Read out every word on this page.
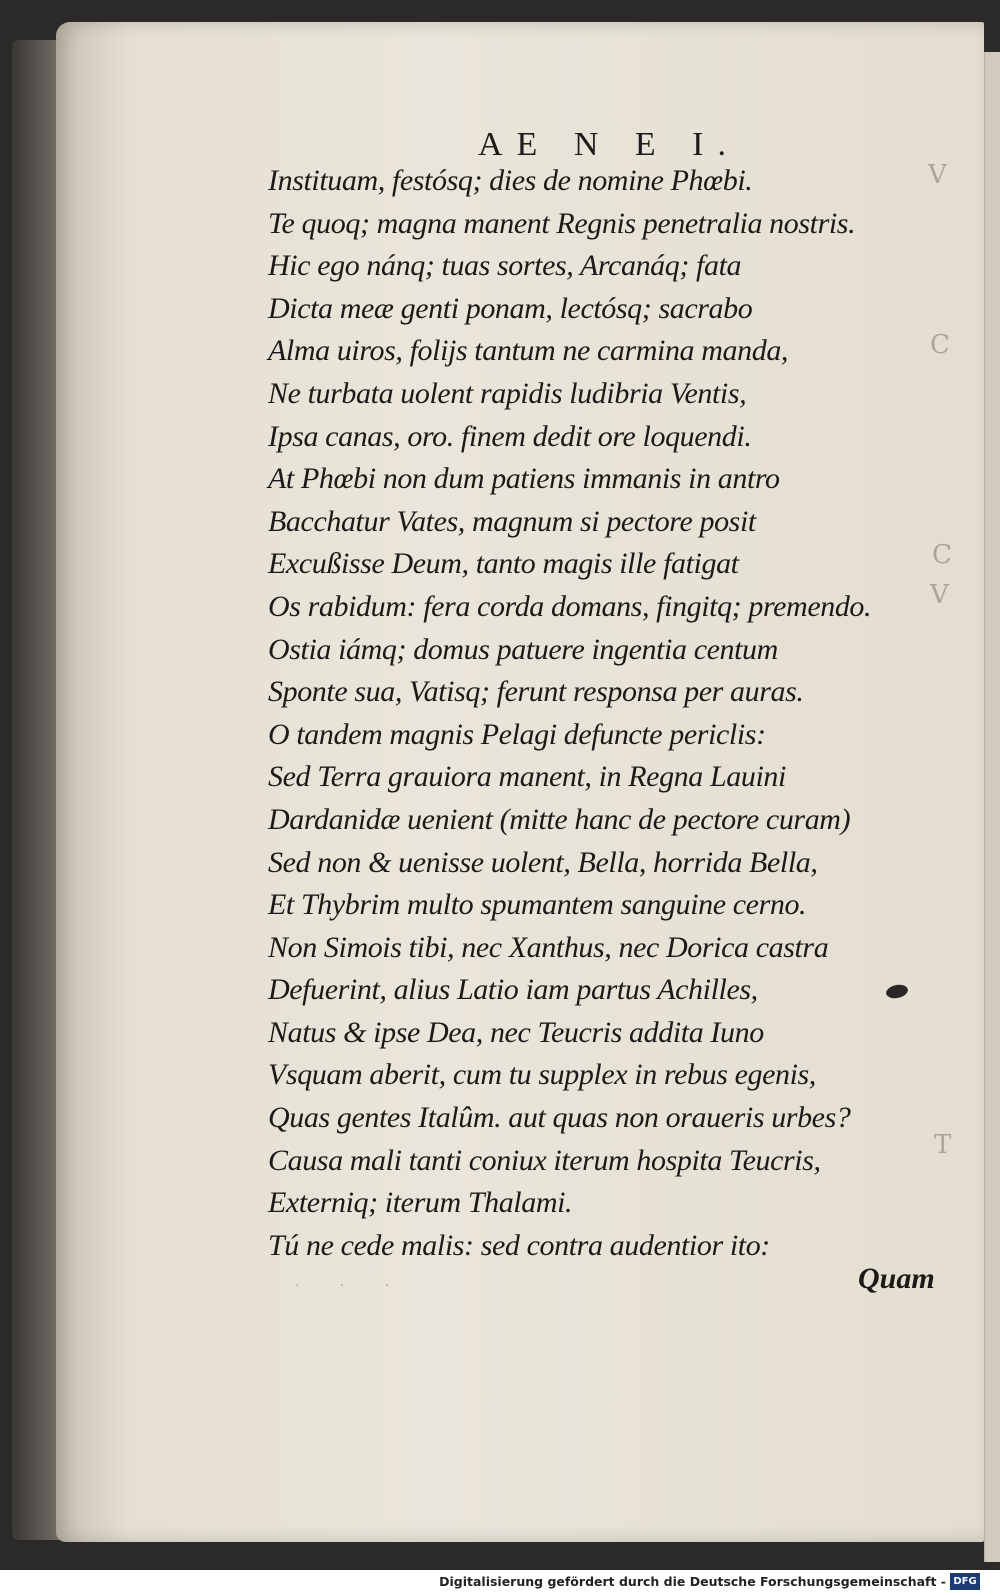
V
C
C
V
T
AE N E I.
Instituam, festósq; dies de nomine Phœbi.
Te quoq; magna manent Regnis penetralia nostris.
Hic ego nánq; tuas sortes, Arcanáq; fata
Dicta meæ genti ponam, lectósq; sacrabo
Alma uiros, folijs tantum ne carmina manda,
Ne turbata uolent rapidis ludibria Ventis,
Ipsa canas, oro. finem dedit ore loquendi.
At Phœbi non dum patiens immanis in antro
Bacchatur Vates, magnum si pectore posit
Excußisse Deum, tanto magis ille fatigat
Os rabidum: fera corda domans, fingitq; premendo.
Ostia iámq; domus patuere ingentia centum
Sponte sua, Vatisq; ferunt responsa per auras.
O tandem magnis Pelagi defuncte periclis:
Sed Terra grauiora manent, in Regna Lauini
Dardanidæ uenient (mitte hanc de pectore curam)
Sed non & uenisse uolent, Bella, horrida Bella,
Et Thybrim multo spumantem sanguine cerno.
Non Simois tibi, nec Xanthus, nec Dorica castra
Defuerint, alius Latio iam partus Achilles,
Natus & ipse Dea, nec Teucris addita Iuno
Vsquam aberit, cum tu supplex in rebus egenis,
Quas gentes Italûm. aut quas non oraueris urbes?
Causa mali tanti coniux iterum hospita Teucris,
Externiq; iterum Thalami.
Tú ne cede malis: sed contra audentior ito:
· · ·	Quam
Digitalisierung gefördert durch die Deutsche Forschungsgemeinschaft - DFG
